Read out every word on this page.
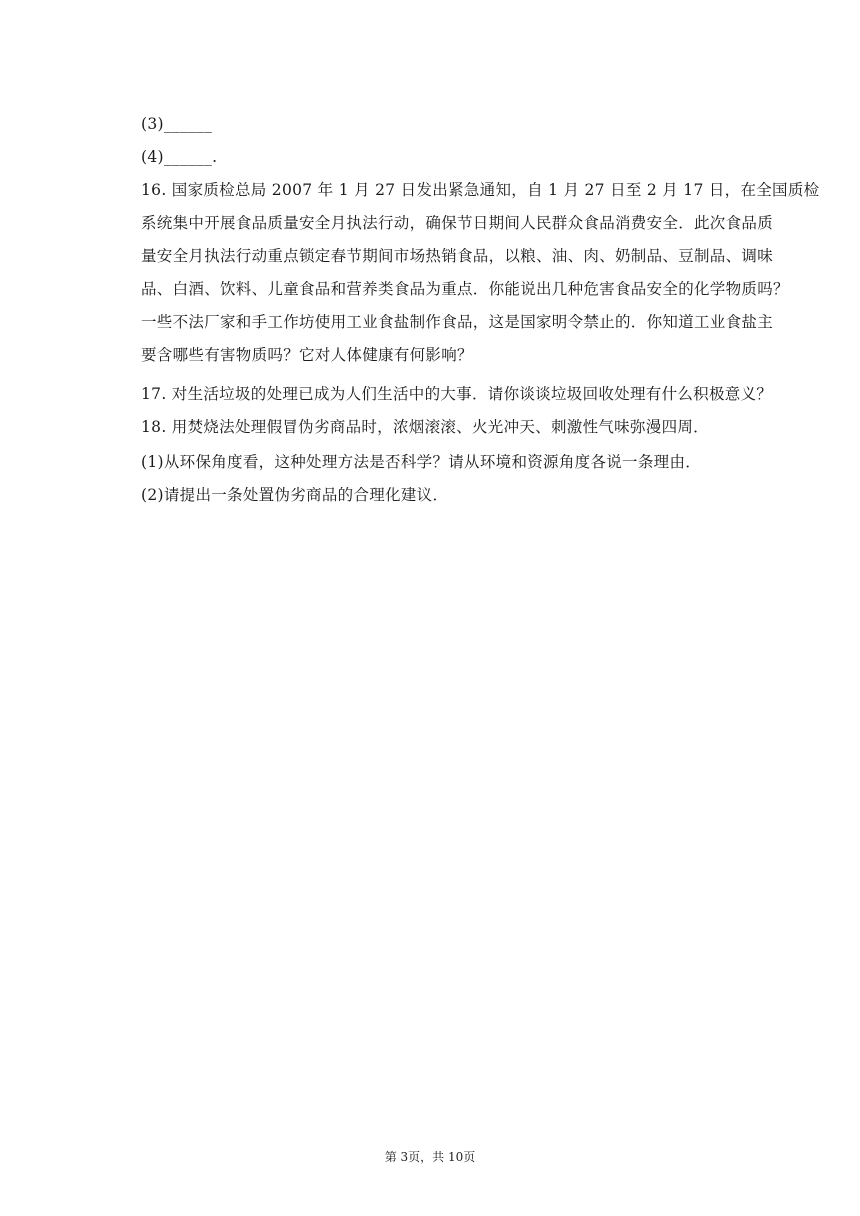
(3)______
(4)______.
16. 国家质检总局 2007 年 1 月 27 日发出紧急通知，自 1 月 27 日至 2 月 17 日，在全国质检
系统集中开展食品质量安全月执法行动，确保节日期间人民群众食品消费安全．此次食品质
量安全月执法行动重点锁定春节期间市场热销食品，以粮、油、肉、奶制品、豆制品、调味
品、白酒、饮料、儿童食品和营养类食品为重点．你能说出几种危害食品安全的化学物质吗？
一些不法厂家和手工作坊使用工业食盐制作食品，这是国家明令禁止的．你知道工业食盐主
要含哪些有害物质吗？它对人体健康有何影响？
17. 对生活垃圾的处理已成为人们生活中的大事．请你谈谈垃圾回收处理有什么积极意义？
18. 用焚烧法处理假冒伪劣商品时，浓烟滚滚、火光冲天、刺激性气味弥漫四周．
(1)从环保角度看，这种处理方法是否科学？请从环境和资源角度各说一条理由．
(2)请提出一条处置伪劣商品的合理化建议．
第 3页，共 10页
